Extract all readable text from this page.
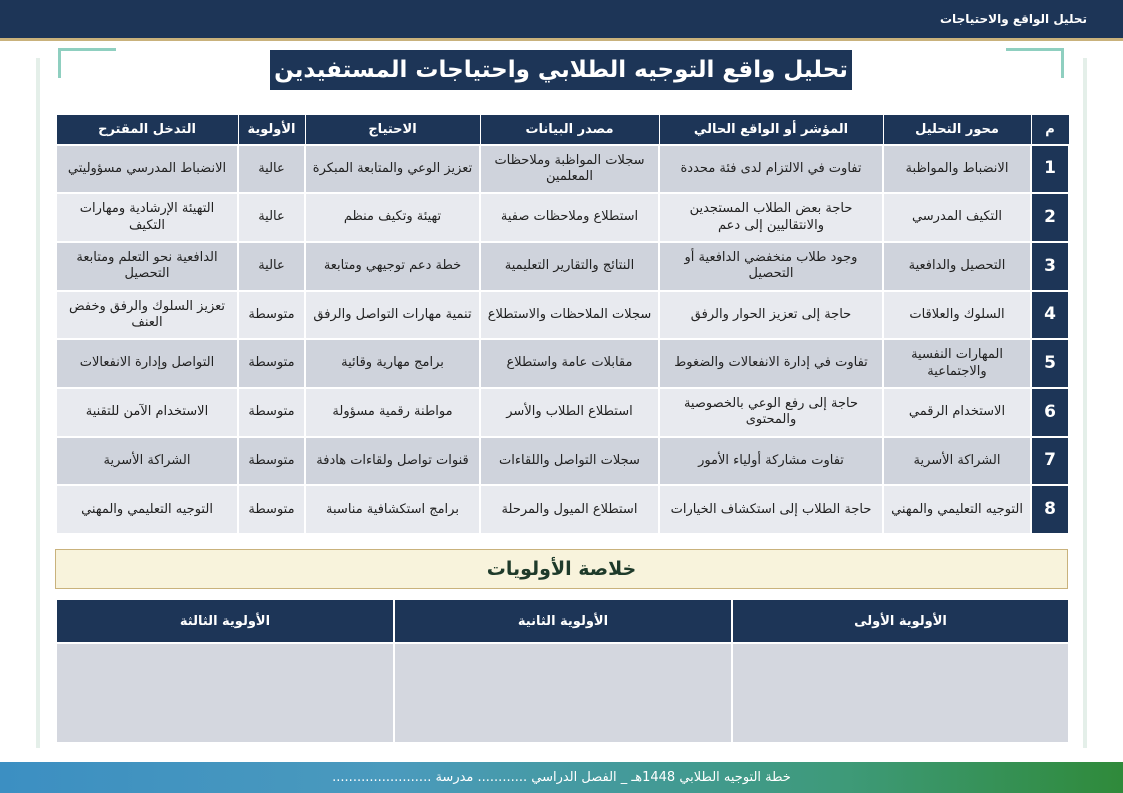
تحليل الواقع والاحتياجات
تحليل واقع التوجيه الطلابي واحتياجات المستفيدين
م	محور التحليل	المؤشر أو الواقع الحالي	مصدر البيانات	الاحتياج	الأولوية	التدخل المقترح
1	الانضباط والمواظبة	تفاوت في الالتزام لدى فئة محددة	سجلات المواظبة وملاحظات المعلمين	تعزيز الوعي والمتابعة المبكرة	عالية	الانضباط المدرسي مسؤوليتي
2	التكيف المدرسي	حاجة بعض الطلاب المستجدين والانتقاليين إلى دعم	استطلاع وملاحظات صفية	تهيئة وتكيف منظم	عالية	التهيئة الإرشادية ومهارات التكيف
3	التحصيل والدافعية	وجود طلاب منخفضي الدافعية أو التحصيل	النتائج والتقارير التعليمية	خطة دعم توجيهي ومتابعة	عالية	الدافعية نحو التعلم ومتابعة التحصيل
4	السلوك والعلاقات	حاجة إلى تعزيز الحوار والرفق	سجلات الملاحظات والاستطلاع	تنمية مهارات التواصل والرفق	متوسطة	تعزيز السلوك والرفق وخفض العنف
5	المهارات النفسية والاجتماعية	تفاوت في إدارة الانفعالات والضغوط	مقابلات عامة واستطلاع	برامج مهارية وقائية	متوسطة	التواصل وإدارة الانفعالات
6	الاستخدام الرقمي	حاجة إلى رفع الوعي بالخصوصية والمحتوى	استطلاع الطلاب والأسر	مواطنة رقمية مسؤولة	متوسطة	الاستخدام الآمن للتقنية
7	الشراكة الأسرية	تفاوت مشاركة أولياء الأمور	سجلات التواصل واللقاءات	قنوات تواصل ولقاءات هادفة	متوسطة	الشراكة الأسرية
8	التوجيه التعليمي والمهني	حاجة الطلاب إلى استكشاف الخيارات	استطلاع الميول والمرحلة	برامج استكشافية مناسبة	متوسطة	التوجيه التعليمي والمهني
خلاصة الأولويات
الأولوية الأولى	الأولوية الثانية	الأولوية الثالثة

خطة التوجيه الطلابي 1448هـ _ الفصل الدراسي ............ مدرسة ........................
